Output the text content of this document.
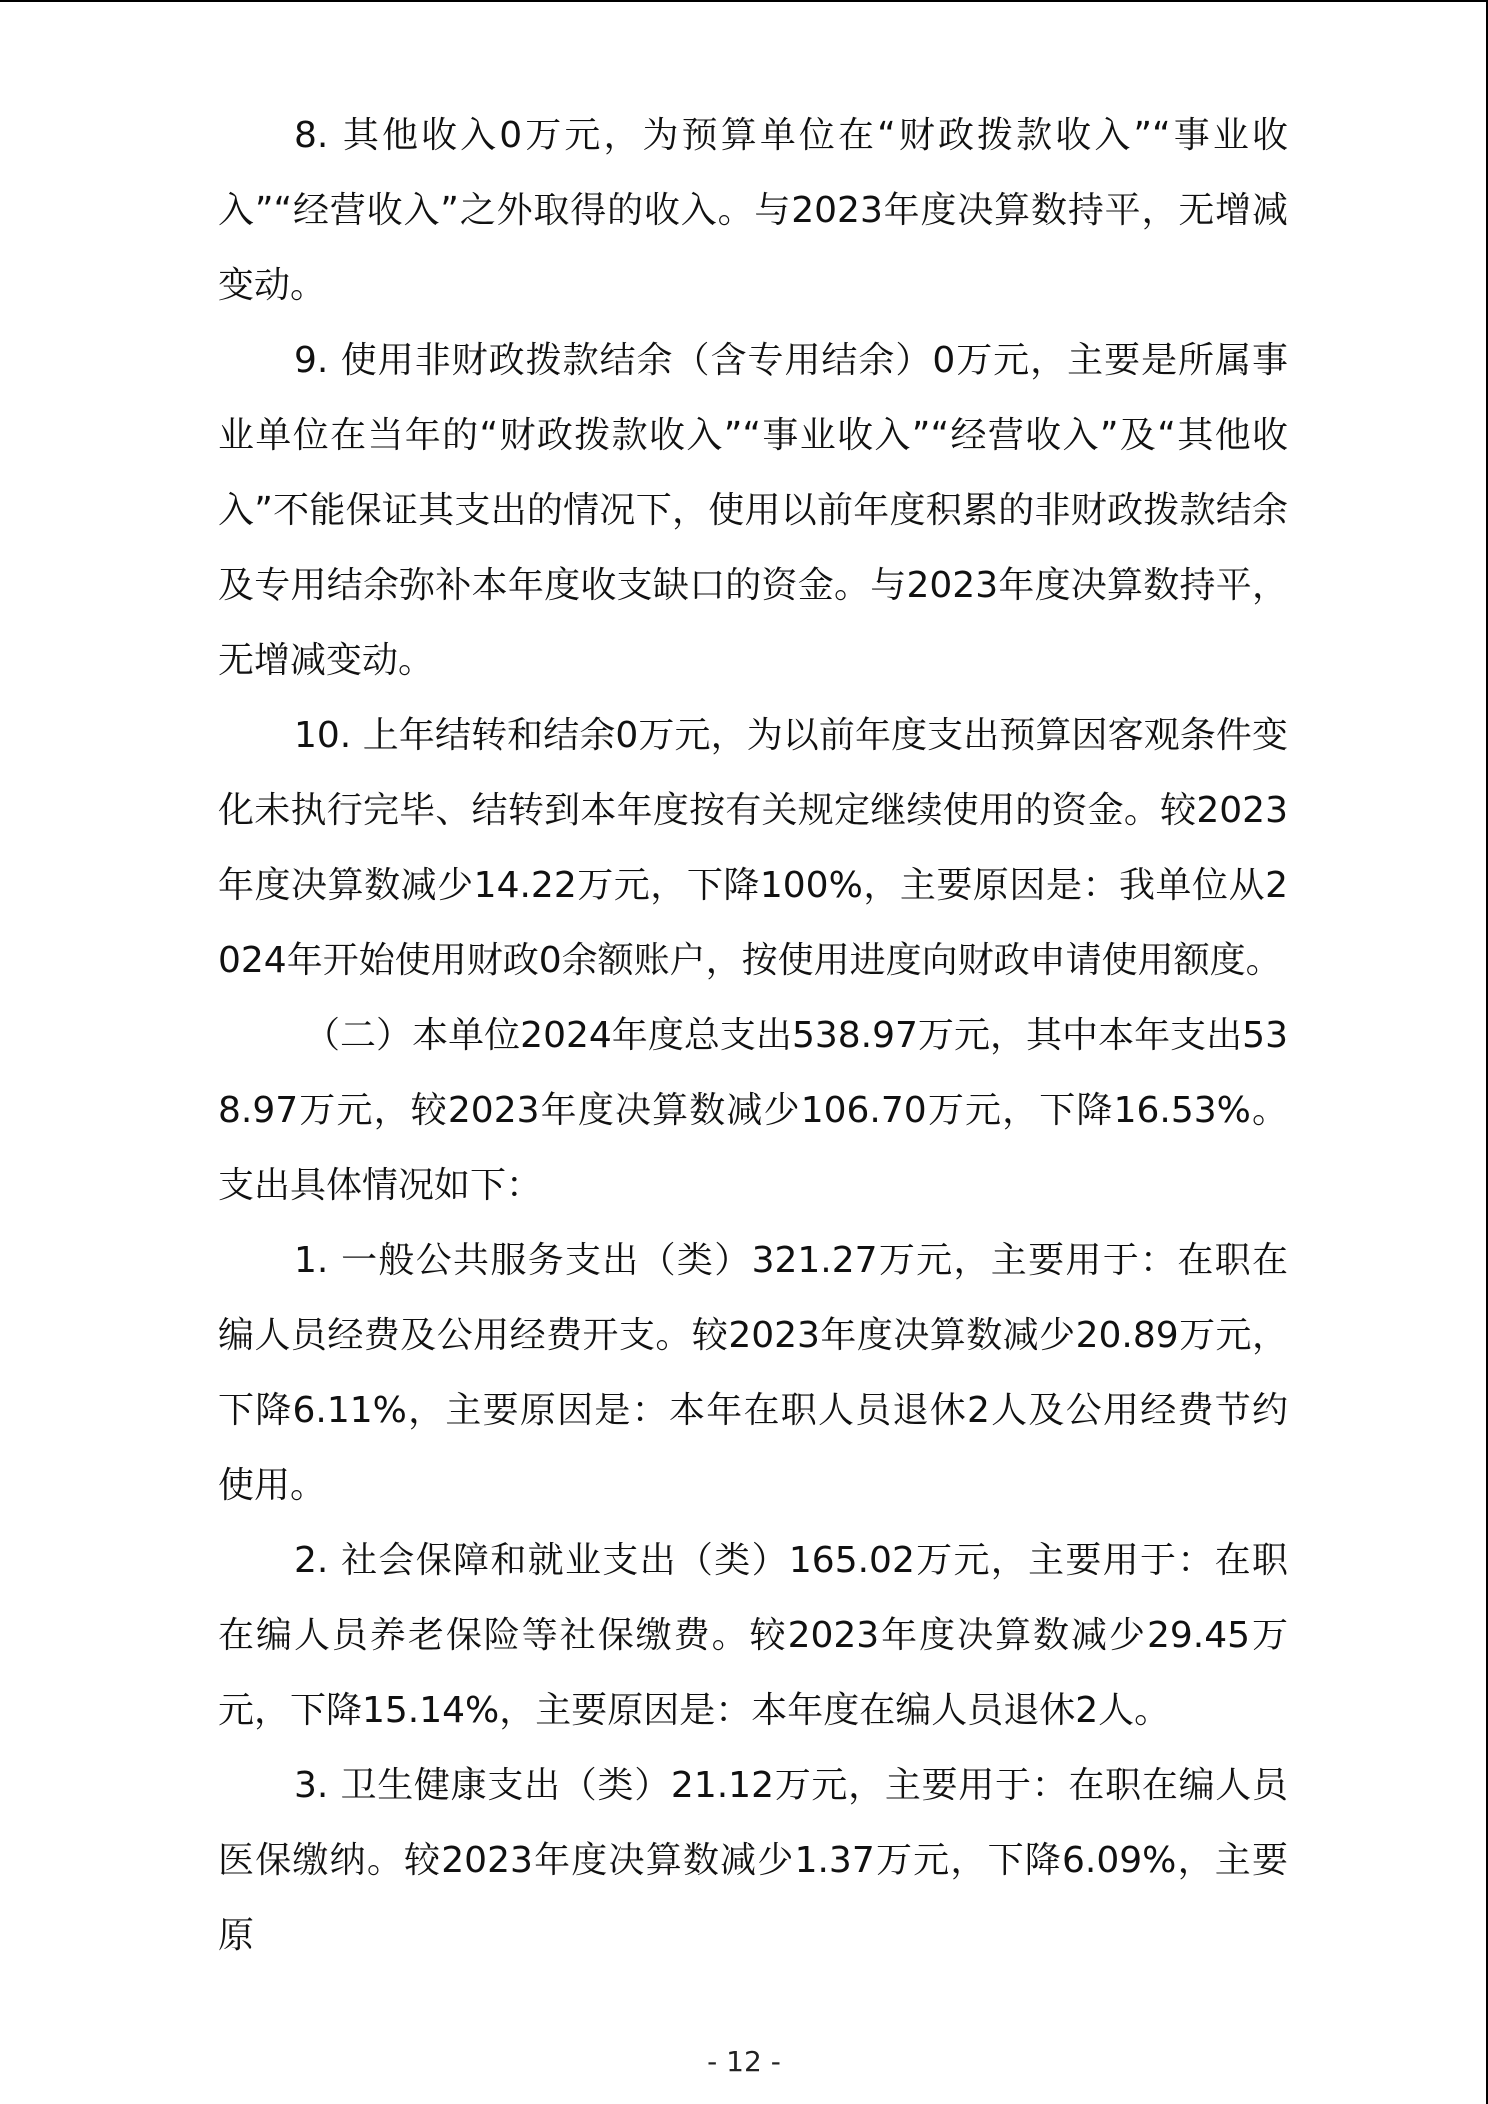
8. 其他收入0万元，为预算单位在“财政拨款收入”“事业收入”“经营收入”之外取得的收入。与2023年度决算数持平，无增减变动。

9. 使用非财政拨款结余（含专用结余）0万元，主要是所属事业单位在当年的“财政拨款收入”“事业收入”“经营收入”及“其他收入”不能保证其支出的情况下，使用以前年度积累的非财政拨款结余及专用结余弥补本年度收支缺口的资金。与2023年度决算数持平，无增减变动。

10. 上年结转和结余0万元，为以前年度支出预算因客观条件变化未执行完毕、结转到本年度按有关规定继续使用的资金。较2023年度决算数减少14.22万元，下降100%，主要原因是：我单位从2024年开始使用财政0余额账户，按使用进度向财政申请使用额度。

（二）本单位2024年度总支出538.97万元，其中本年支出538.97万元，较2023年度决算数减少106.70万元，下降16.53%。支出具体情况如下：

1. 一般公共服务支出（类）321.27万元，主要用于：在职在编人员经费及公用经费开支。较2023年度决算数减少20.89万元，下降6.11%，主要原因是：本年在职人员退休2人及公用经费节约使用。

2. 社会保障和就业支出（类）165.02万元，主要用于：在职在编人员养老保险等社保缴费。较2023年度决算数减少29.45万元，下降15.14%，主要原因是：本年度在编人员退休2人。

3. 卫生健康支出（类）21.12万元，主要用于：在职在编人员医保缴纳。较2023年度决算数减少1.37万元，下降6.09%，主要原

- 12 -
